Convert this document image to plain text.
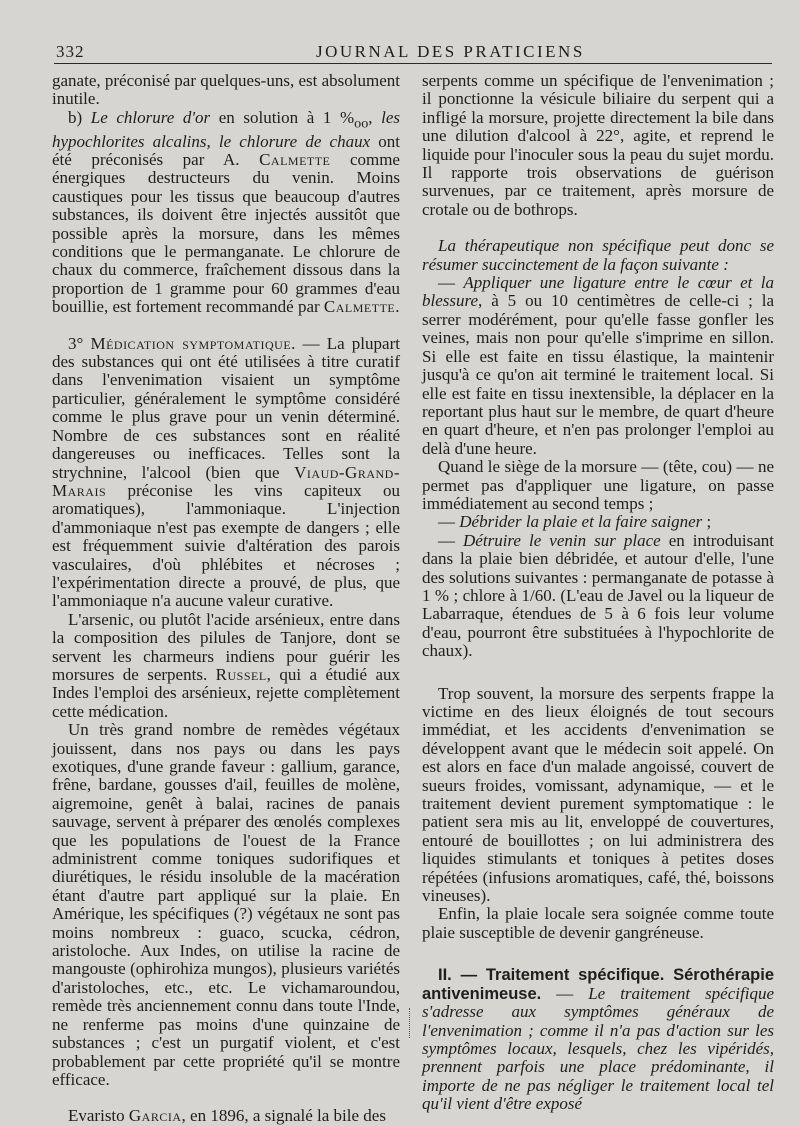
332	JOURNAL DES PRATICIENS

ganate, préconisé par quelques-uns, est absolument inutile.

b) Le chlorure d'or en solution à 1 $\%_{oo}$, les hypochlorites alcalins, le chlorure de chaux ont été préconisés par A. Calmette comme énergiques destructeurs du venin. Moins caustiques pour les tissus que beaucoup d'autres substances, ils doivent être injectés aussitôt que possible après la morsure, dans les mêmes conditions que le permanganate. Le chlorure de chaux du commerce, fraîchement dissous dans la proportion de 1 gramme pour 60 grammes d'eau bouillie, est fortement recommandé par Calmette.

3° Médication symptomatique. — La plupart des substances qui ont été utilisées à titre curatif dans l'envenimation visaient un symptôme particulier, généralement le symptôme considéré comme le plus grave pour un venin déterminé. Nombre de ces substances sont en réalité dangereuses ou inefficaces. Telles sont la strychnine, l'alcool (bien que Viaud-Grand-Marais préconise les vins capiteux ou aromatiques), l'ammoniaque. L'injection d'ammoniaque n'est pas exempte de dangers ; elle est fréquemment suivie d'altération des parois vasculaires, d'où phlébites et nécroses ; l'expérimentation directe a prouvé, de plus, que l'ammoniaque n'a aucune valeur curative.

L'arsenic, ou plutôt l'acide arsénieux, entre dans la composition des pilules de Tanjore, dont se servent les charmeurs indiens pour guérir les morsures de serpents. Russel, qui a étudié aux Indes l'emploi des arsénieux, rejette complètement cette médication.

Un très grand nombre de remèdes végétaux jouissent, dans nos pays ou dans les pays exotiques, d'une grande faveur : gallium, garance, frêne, bardane, gousses d'ail, feuilles de molène, aigremoine, genêt à balai, racines de panais sauvage, servent à préparer des œnolés complexes que les populations de l'ouest de la France administrent comme toniques sudorifiques et diurétiques, le résidu insoluble de la macération étant d'autre part appliqué sur la plaie. En Amérique, les spécifiques (?) végétaux ne sont pas moins nombreux : guaco, scucka, cédron, aristoloche. Aux Indes, on utilise la racine de mangouste (ophirohiza mungos), plusieurs variétés d'aristoloches, etc., etc. Le vichamaroundou, remède très anciennement connu dans toute l'Inde, ne renferme pas moins d'une quinzaine de substances ; c'est un purgatif violent, et c'est probablement par cette propriété qu'il se montre efficace.

Evaristo Garcia, en 1896, a signalé la bile des

serpents comme un spécifique de l'envenimation ; il ponctionne la vésicule biliaire du serpent qui a infligé la morsure, projette directement la bile dans une dilution d'alcool à 22°, agite, et reprend le liquide pour l'inoculer sous la peau du sujet mordu. Il rapporte trois observations de guérison survenues, par ce traitement, après morsure de crotale ou de bothrops.

La thérapeutique non spécifique peut donc se résumer succinctement de la façon suivante :

— Appliquer une ligature entre le cœur et la blessure, à 5 ou 10 centimètres de celle-ci ; la serrer modérément, pour qu'elle fasse gonfler les veines, mais non pour qu'elle s'imprime en sillon. Si elle est faite en tissu élastique, la maintenir jusqu'à ce qu'on ait terminé le traitement local. Si elle est faite en tissu inextensible, la déplacer en la reportant plus haut sur le membre, de quart d'heure en quart d'heure, et n'en pas prolonger l'emploi au delà d'une heure.

Quand le siège de la morsure — (tête, cou) — ne permet pas d'appliquer une ligature, on passe immédiatement au second temps ;

— Débrider la plaie et la faire saigner ;

— Détruire le venin sur place en introduisant dans la plaie bien débridée, et autour d'elle, l'une des solutions suivantes : permanganate de potasse à 1 % ; chlore à 1/60. (L'eau de Javel ou la liqueur de Labarraque, étendues de 5 à 6 fois leur volume d'eau, pourront être substituées à l'hypochlorite de chaux).

Trop souvent, la morsure des serpents frappe la victime en des lieux éloignés de tout secours immédiat, et les accidents d'envenimation se développent avant que le médecin soit appelé. On est alors en face d'un malade angoissé, couvert de sueurs froides, vomissant, adynamique, — et le traitement devient purement symptomatique : le patient sera mis au lit, enveloppé de couvertures, entouré de bouillottes ; on lui administrera des liquides stimulants et toniques à petites doses répétées (infusions aromatiques, café, thé, boissons vineuses).

Enfin, la plaie locale sera soignée comme toute plaie susceptible de devenir gangréneuse.

II. — Traitement spécifique. Sérothérapie antivenimeuse. — Le traitement spécifique s'adresse aux symptômes généraux de l'envenimation ; comme il n'a pas d'action sur les symptômes locaux, lesquels, chez les vipéridés, prennent parfois une place prédominante, il importe de ne pas négliger le traitement local tel qu'il vient d'être exposé
